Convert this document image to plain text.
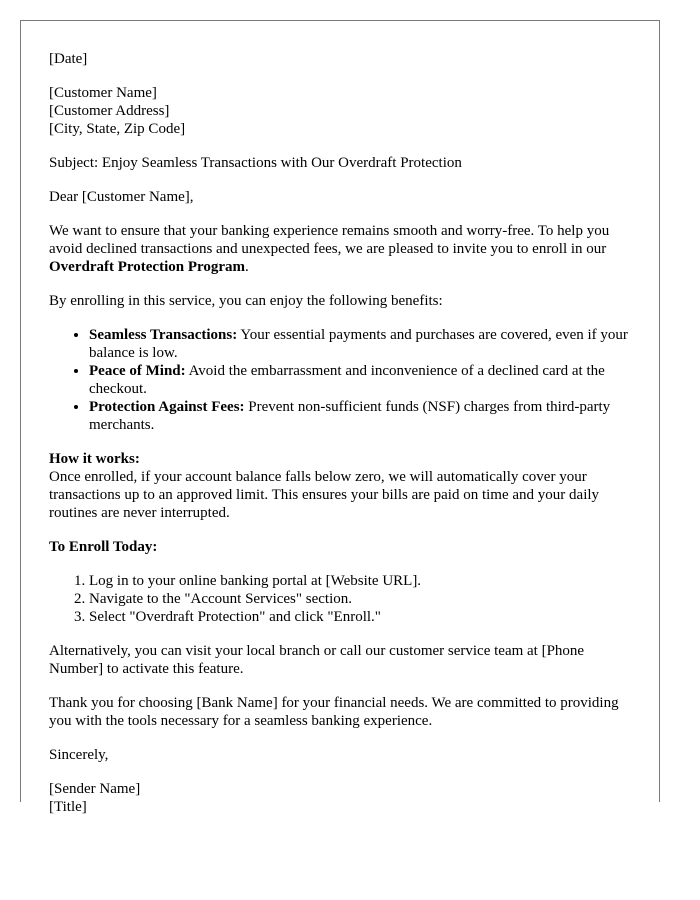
[Date]

[Customer Name]
[Customer Address]
[City, State, Zip Code]

Subject: Enjoy Seamless Transactions with Our Overdraft Protection

Dear [Customer Name],

We want to ensure that your banking experience remains smooth and worry-free. To help you avoid declined transactions and unexpected fees, we are pleased to invite you to enroll in our Overdraft Protection Program.

By enrolling in this service, you can enjoy the following benefits:

• Seamless Transactions: Your essential payments and purchases are covered, even if your balance is low.
• Peace of Mind: Avoid the embarrassment and inconvenience of a declined card at the checkout.
• Protection Against Fees: Prevent non-sufficient funds (NSF) charges from third-party merchants.

How it works:
Once enrolled, if your account balance falls below zero, we will automatically cover your transactions up to an approved limit. This ensures your bills are paid on time and your daily routines are never interrupted.

To Enroll Today:

1. Log in to your online banking portal at [Website URL].
2. Navigate to the "Account Services" section.
3. Select "Overdraft Protection" and click "Enroll."

Alternatively, you can visit your local branch or call our customer service team at [Phone Number] to activate this feature.

Thank you for choosing [Bank Name] for your financial needs. We are committed to providing you with the tools necessary for a seamless banking experience.

Sincerely,

[Sender Name]
[Title]
